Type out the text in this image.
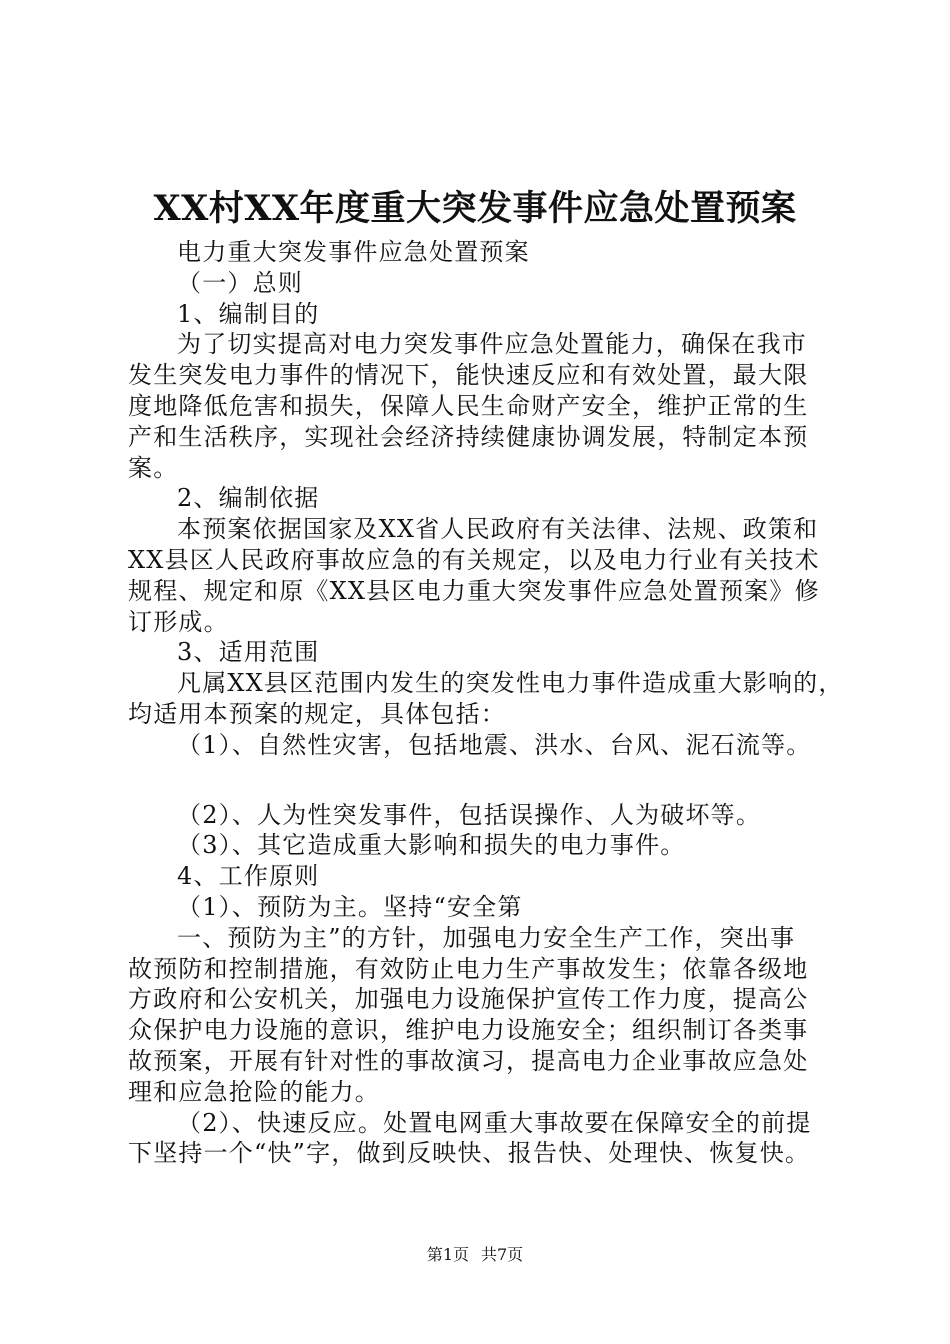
XX村XX年度重大突发事件应急处置预案
电力重大突发事件应急处置预案
（一）总则
1、编制目的
为了切实提高对电力突发事件应急处置能力，确保在我市
发生突发电力事件的情况下，能快速反应和有效处置，最大限
度地降低危害和损失，保障人民生命财产安全，维护正常的生
产和生活秩序，实现社会经济持续健康协调发展，特制定本预
案。
2、编制依据
本预案依据国家及XX省人民政府有关法律、法规、政策和
XX县区人民政府事故应急的有关规定，以及电力行业有关技术
规程、规定和原《XX县区电力重大突发事件应急处置预案》修
订形成。
3、适用范围
凡属XX县区范围内发生的突发性电力事件造成重大影响的，
均适用本预案的规定，具体包括：
（1）、自然性灾害，包括地震、洪水、台风、泥石流等。
（2）、人为性突发事件，包括误操作、人为破坏等。
（3）、其它造成重大影响和损失的电力事件。
4、工作原则
（1）、预防为主。坚持“安全第
一、预防为主”的方针，加强电力安全生产工作，突出事
故预防和控制措施，有效防止电力生产事故发生；依靠各级地
方政府和公安机关，加强电力设施保护宣传工作力度，提高公
众保护电力设施的意识，维护电力设施安全；组织制订各类事
故预案，开展有针对性的事故演习，提高电力企业事故应急处
理和应急抢险的能力。
（2）、快速反应。处置电网重大事故要在保障安全的前提
下坚持一个“快”字，做到反映快、报告快、处理快、恢复快。
第1页 共7页
